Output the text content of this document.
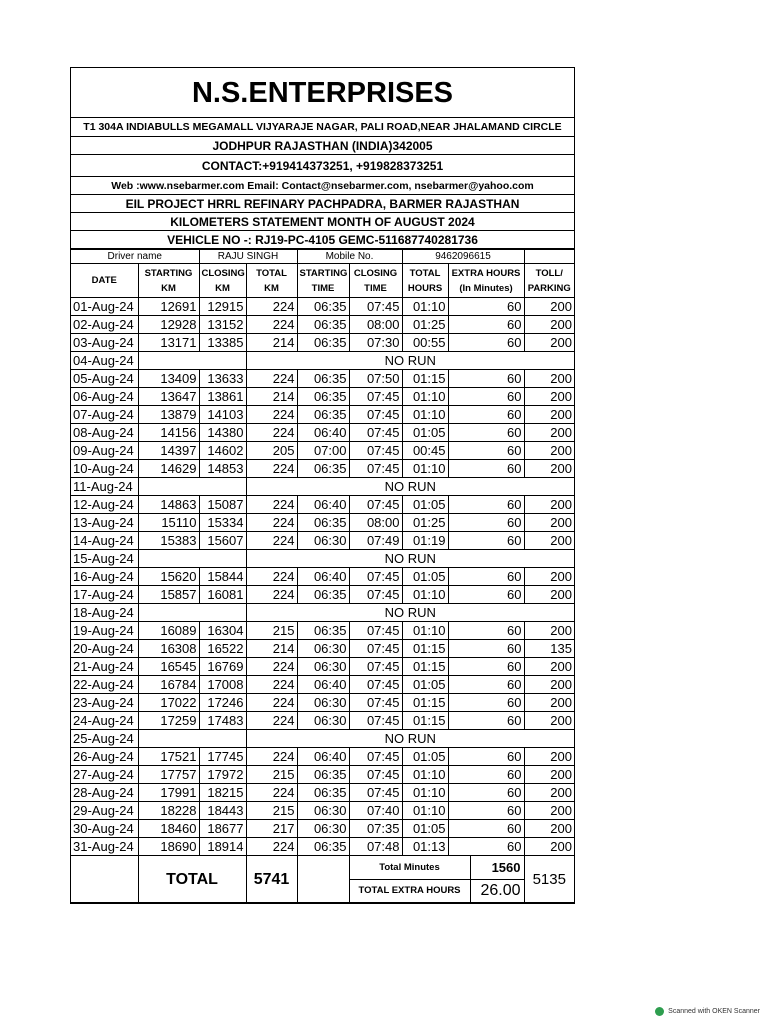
N.S.ENTERPRISES
T1 304A INDIABULLS MEGAMALL VIJYARAJE NAGAR, PALI ROAD,NEAR JHALAMAND CIRCLE
JODHPUR RAJASTHAN (INDIA)342005
CONTACT:+919414373251, +919828373251
Web :www.nsebarmer.com Email: Contact@nsebarmer.com, nsebarmer@yahoo.com
EIL PROJECT HRRL REFINARY PACHPADRA, BARMER RAJASTHAN
KILOMETERS STATEMENT MONTH OF AUGUST 2024
VEHICLE NO -: RJ19-PC-4105 GEMC-511687740281736
Driver name		RAJU SINGH		Mobile No.		9462096615		
DATE	STARTING KM	CLOSING KM	TOTAL KM	STARTING TIME	CLOSING TIME	TOTAL HOURS	EXTRA HOURS (In Minutes)	TOLL/ PARKING
01-Aug-24	12691	12915	224	06:35	07:45	01:10	60	200
02-Aug-24	12928	13152	224	06:35	08:00	01:25	60	200
03-Aug-24	13171	13385	214	06:35	07:30	00:55	60	200
04-Aug-24			NO RUN					
05-Aug-24	13409	13633	224	06:35	07:50	01:15	60	200
06-Aug-24	13647	13861	214	06:35	07:45	01:10	60	200
07-Aug-24	13879	14103	224	06:35	07:45	01:10	60	200
08-Aug-24	14156	14380	224	06:40	07:45	01:05	60	200
09-Aug-24	14397	14602	205	07:00	07:45	00:45	60	200
10-Aug-24	14629	14853	224	06:35	07:45	01:10	60	200
11-Aug-24			NO RUN					
12-Aug-24	14863	15087	224	06:40	07:45	01:05	60	200
13-Aug-24	15110	15334	224	06:35	08:00	01:25	60	200
14-Aug-24	15383	15607	224	06:30	07:49	01:19	60	200
15-Aug-24			NO RUN					
16-Aug-24	15620	15844	224	06:40	07:45	01:05	60	200
17-Aug-24	15857	16081	224	06:35	07:45	01:10	60	200
18-Aug-24			NO RUN					
19-Aug-24	16089	16304	215	06:35	07:45	01:10	60	200
20-Aug-24	16308	16522	214	06:30	07:45	01:15	60	135
21-Aug-24	16545	16769	224	06:30	07:45	01:15	60	200
22-Aug-24	16784	17008	224	06:40	07:45	01:05	60	200
23-Aug-24	17022	17246	224	06:30	07:45	01:15	60	200
24-Aug-24	17259	17483	224	06:30	07:45	01:15	60	200
25-Aug-24			NO RUN					
26-Aug-24	17521	17745	224	06:40	07:45	01:05	60	200
27-Aug-24	17757	17972	215	06:35	07:45	01:10	60	200
28-Aug-24	17991	18215	224	06:35	07:45	01:10	60	200
29-Aug-24	18228	18443	215	06:30	07:40	01:10	60	200
30-Aug-24	18460	18677	217	06:30	07:35	01:05	60	200
31-Aug-24	18690	18914	224	06:35	07:48	01:13	60	200
	TOTAL		5741		Total Minutes 1560
TOTAL EXTRA HOURS 26.00			5135
Scanned with OKEN Scanner
